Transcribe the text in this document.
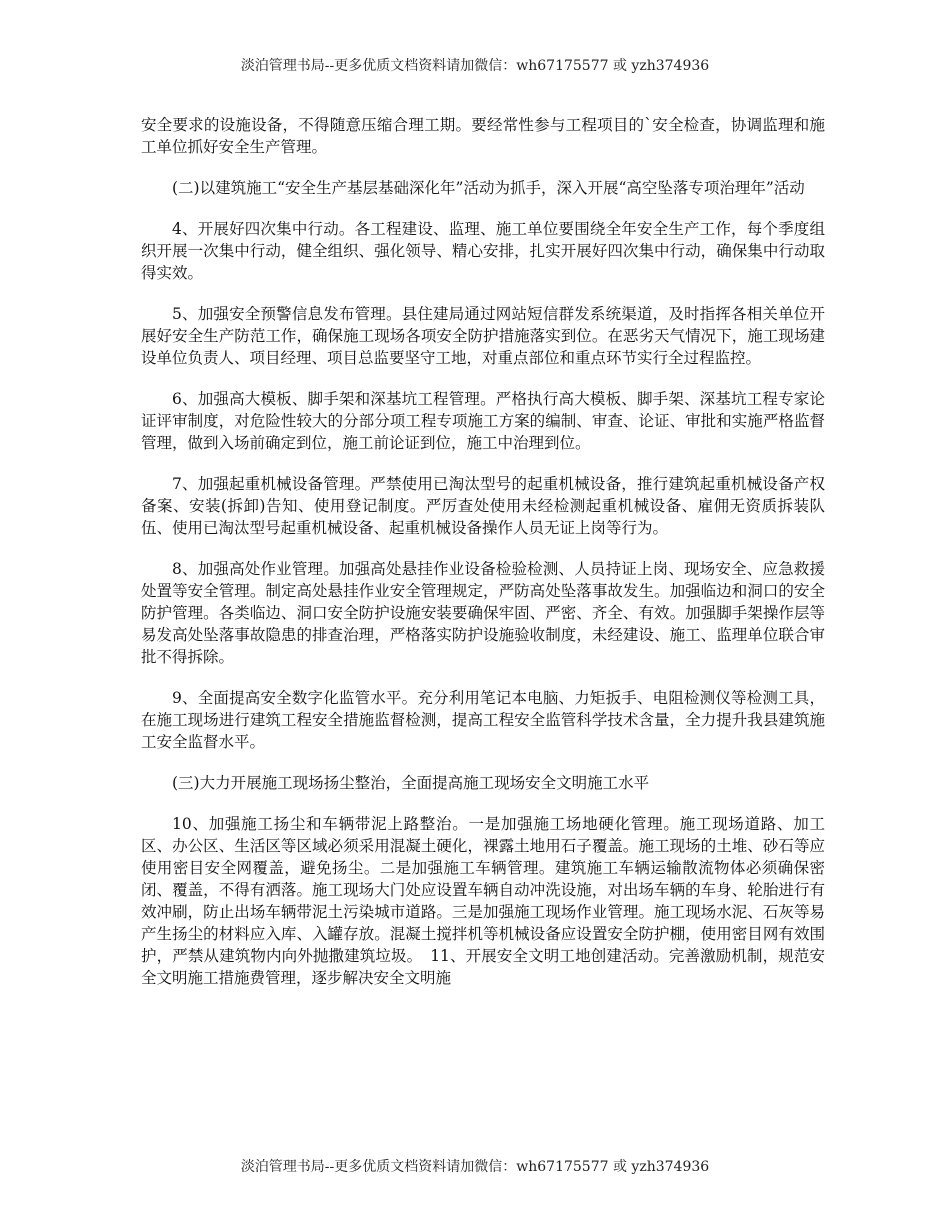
淡泊管理书局--更多优质文档资料请加微信：wh67175577 或 yzh374936

安全要求的设施设备，不得随意压缩合理工期。要经常性参与工程项目的`安全检查，协调监理和施工单位抓好安全生产管理。

(二)以建筑施工“安全生产基层基础深化年”活动为抓手，深入开展“高空坠落专项治理年”活动

4、开展好四次集中行动。各工程建设、监理、施工单位要围绕全年安全生产工作，每个季度组织开展一次集中行动，健全组织、强化领导、精心安排，扎实开展好四次集中行动，确保集中行动取得实效。

5、加强安全预警信息发布管理。县住建局通过网站短信群发系统渠道，及时指挥各相关单位开展好安全生产防范工作，确保施工现场各项安全防护措施落实到位。在恶劣天气情况下，施工现场建设单位负责人、项目经理、项目总监要坚守工地，对重点部位和重点环节实行全过程监控。

6、加强高大模板、脚手架和深基坑工程管理。严格执行高大模板、脚手架、深基坑工程专家论证评审制度，对危险性较大的分部分项工程专项施工方案的编制、审查、论证、审批和实施严格监督管理，做到入场前确定到位，施工前论证到位，施工中治理到位。

7、加强起重机械设备管理。严禁使用已淘汰型号的起重机械设备，推行建筑起重机械设备产权备案、安装(拆卸)告知、使用登记制度。严厉查处使用未经检测起重机械设备、雇佣无资质拆装队伍、使用已淘汰型号起重机械设备、起重机械设备操作人员无证上岗等行为。

8、加强高处作业管理。加强高处悬挂作业设备检验检测、人员持证上岗、现场安全、应急救援处置等安全管理。制定高处悬挂作业安全管理规定，严防高处坠落事故发生。加强临边和洞口的安全防护管理。各类临边、洞口安全防护设施安装要确保牢固、严密、齐全、有效。加强脚手架操作层等易发高处坠落事故隐患的排查治理，严格落实防护设施验收制度，未经建设、施工、监理单位联合审批不得拆除。

9、全面提高安全数字化监管水平。充分利用笔记本电脑、力矩扳手、电阻检测仪等检测工具，在施工现场进行建筑工程安全措施监督检测，提高工程安全监管科学技术含量，全力提升我县建筑施工安全监督水平。

(三)大力开展施工现场扬尘整治，全面提高施工现场安全文明施工水平

10、加强施工扬尘和车辆带泥上路整治。一是加强施工场地硬化管理。施工现场道路、加工区、办公区、生活区等区域必须采用混凝土硬化，裸露土地用石子覆盖。施工现场的土堆、砂石等应使用密目安全网覆盖，避免扬尘。二是加强施工车辆管理。建筑施工车辆运输散流物体必须确保密闭、覆盖，不得有洒落。施工现场大门处应设置车辆自动冲洗设施，对出场车辆的车身、轮胎进行有效冲刷，防止出场车辆带泥土污染城市道路。三是加强施工现场作业管理。施工现场水泥、石灰等易产生扬尘的材料应入库、入罐存放。混凝土搅拌机等机械设备应设置安全防护棚，使用密目网有效围护，严禁从建筑物内向外抛撒建筑垃圾。　11、开展安全文明工地创建活动。完善激励机制，规范安全文明施工措施费管理，逐步解决安全文明施

淡泊管理书局--更多优质文档资料请加微信：wh67175577 或 yzh374936
